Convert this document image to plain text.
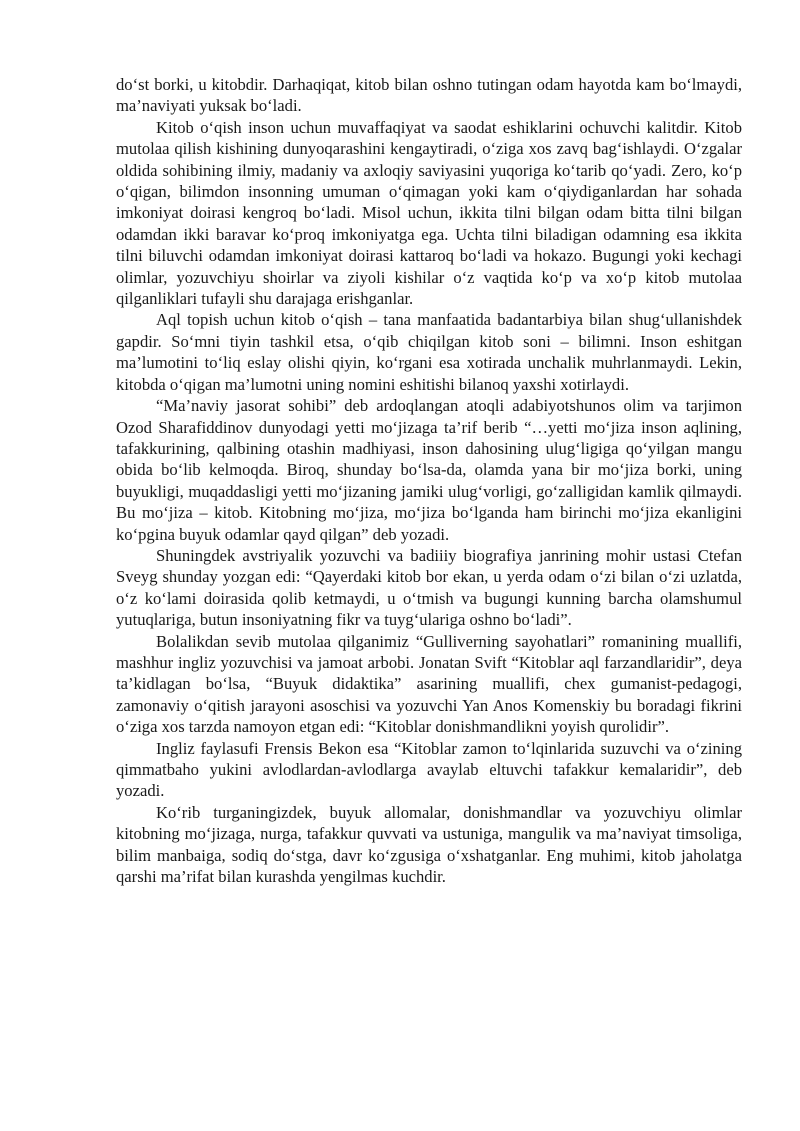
do‘st borki, u kitobdir. Darhaqiqat, kitob bilan oshno tutingan odam hayotda kam bo‘lmaydi, ma’naviyati yuksak bo‘ladi.

Kitob o‘qish inson uchun muvaffaqiyat va saodat eshiklarini ochuvchi kalitdir. Kitob mutolaa qilish kishining dunyoqarashini kengaytiradi, o‘ziga xos zavq bag‘ishlaydi. O‘zgalar oldida sohibining ilmiy, madaniy va axloqiy saviyasini yuqoriga ko‘tarib qo‘yadi. Zero, ko‘p o‘qigan, bilimdon insonning umuman o‘qimagan yoki kam o‘qiydiganlardan har sohada imkoniyat doirasi kengroq bo‘ladi. Misol uchun, ikkita tilni bilgan odam bitta tilni bilgan odamdan ikki baravar ko‘proq imkoniyatga ega. Uchta tilni biladigan odamning esa ikkita tilni biluvchi odamdan imkoniyat doirasi kattaroq bo‘ladi va hokazo. Bugungi yoki kechagi olimlar, yozuvchiyu shoirlar va ziyoli kishilar o‘z vaqtida ko‘p va xo‘p kitob mutolaa qilganliklari tufayli shu darajaga erishganlar.

Aql topish uchun kitob o‘qish – tana manfaatida badantarbiya bilan shug‘ullanishdek gapdir. So‘mni tiyin tashkil etsa, o‘qib chiqilgan kitob soni – bilimni. Inson eshitgan ma’lumotini to‘liq eslay olishi qiyin, ko‘rgani esa xotirada unchalik muhrlanmaydi. Lekin, kitobda o‘qigan ma’lumotni uning nomini eshitishi bilanoq yaxshi xotirlaydi.

“Ma’naviy jasorat sohibi” deb ardoqlangan atoqli adabiyotshunos olim va tarjimon Ozod Sharafiddinov dunyodagi yetti mo‘jizaga ta’rif berib “…yetti mo‘jiza inson aqlining, tafakkurining, qalbining otashin madhiyasi, inson dahosining ulug‘ligiga qo‘yilgan mangu obida bo‘lib kelmoqda. Biroq, shunday bo‘lsa-da, olamda yana bir mo‘jiza borki, uning buyukligi, muqaddasligi yetti mo‘jizaning jamiki ulug‘vorligi, go‘zalligidan kamlik qilmaydi. Bu mo‘jiza – kitob. Kitobning mo‘jiza, mo‘jiza bo‘lganda ham birinchi mo‘jiza ekanligini ko‘pgina buyuk odamlar qayd qilgan” deb yozadi.

Shuningdek avstriyalik yozuvchi va badiiiy biografiya janrining mohir ustasi Ctefan Sveyg shunday yozgan edi: “Qayerdaki kitob bor ekan, u yerda odam o‘zi bilan o‘zi uzlatda, o‘z ko‘lami doirasida qolib ketmaydi, u o‘tmish va bugungi kunning barcha olamshumul yutuqlariga, butun insoniyatning fikr va tuyg‘ulariga oshno bo‘ladi”.

Bolalikdan sevib mutolaa qilganimiz “Gulliverning sayohatlari” romanining muallifi, mashhur ingliz yozuvchisi va jamoat arbobi. Jonatan Svift “Kitoblar aql farzandlaridir”, deya ta’kidlagan bo‘lsa, “Buyuk didaktika” asarining muallifi, chex gumanist-pedagogi, zamonaviy o‘qitish jarayoni asoschisi va yozuvchi Yan Anos Komenskiy bu boradagi fikrini o‘ziga xos tarzda namoyon etgan edi: “Kitoblar donishmandlikni yoyish qurolidir”.

Ingliz faylasufi Frensis Bekon esa “Kitoblar zamon to‘lqinlarida suzuvchi va o‘zining qimmatbaho yukini avlodlardan-avlodlarga avaylab eltuvchi tafakkur kemalaridir”, deb yozadi.

Ko‘rib turganingizdek, buyuk allomalar, donishmandlar va yozuvchiyu olimlar kitobning mo‘jizaga, nurga, tafakkur quvvati va ustuniga, mangulik va ma’naviyat timsoliga, bilim manbaiga, sodiq do‘stga, davr ko‘zgusiga o‘xshatganlar. Eng muhimi, kitob jaholatga qarshi ma’rifat bilan kurashda yengilmas kuchdir.
